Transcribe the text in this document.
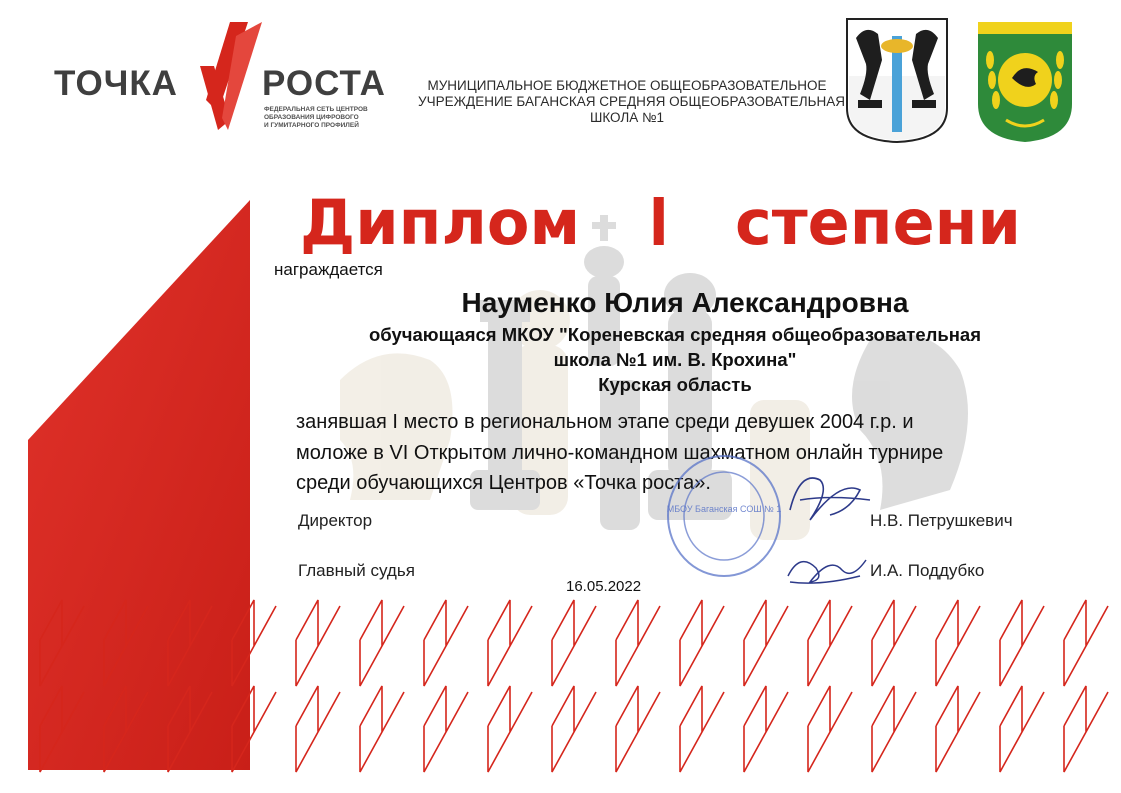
ТОЧКА РОСТА
ФЕДЕРАЛЬНАЯ СЕТЬ ЦЕНТРОВ
ОБРАЗОВАНИЯ ЦИФРОВОГО
И ГУМИТАРНОГО ПРОФИЛЕЙ
МУНИЦИПАЛЬНОЕ БЮДЖЕТНОЕ ОБЩЕОБРАЗОВАТЕЛЬНОЕ
УЧРЕЖДЕНИЕ БАГАНСКАЯ СРЕДНЯЯ ОБЩЕОБРАЗОВАТЕЛЬНАЯ
ШКОЛА №1
Диплом I степени
награждается
Науменко Юлия Александровна
обучающаяся МКОУ "Кореневская средняя общеобразовательная
школа №1 им. В. Крохина"
Курская область
занявшая I место в региональном этапе среди девушек 2004 г.р. и
моложе в VI Открытом лично-командном шахматном онлайн турнире
среди обучающихся Центров «Точка роста».
МБОУ Баганская СОШ № 1
Директор	Н.В. Петрушкевич
Главный судья	И.А. Поддубко
16.05.2022
